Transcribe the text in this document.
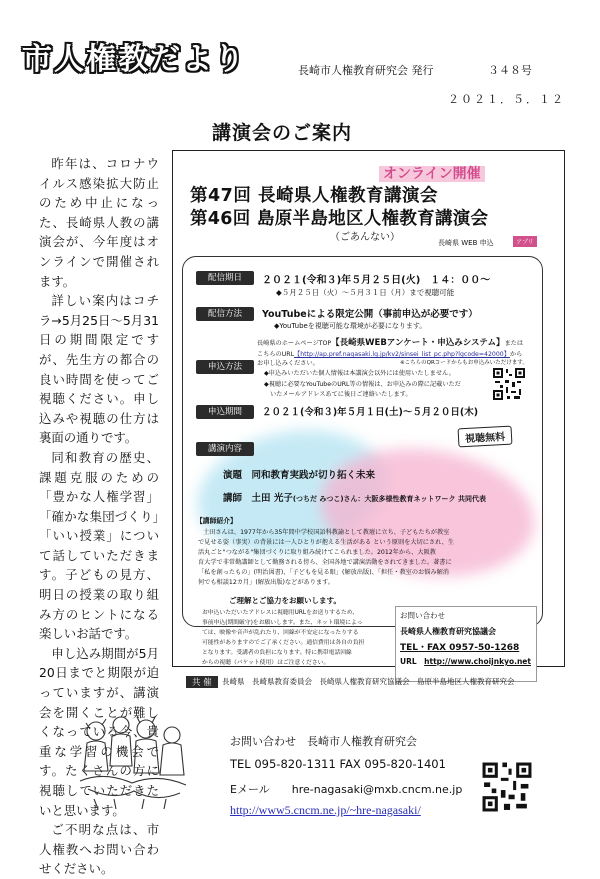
市人権教だより	長崎市人権教育研究会 発行	３４８号
２０２１．５．１２
講演会のご案内

昨年は、コロナウイルス感染拡大防止のため中止になった、長崎県人教の講演会が、今年度はオンラインで開催されます。

詳しい案内はコチラ→5月25日～5月31日の期間限定ですが、先生方の都合の良い時間を使ってご視聴ください。申し込みや視聴の仕方は裏面の通りです。

同和教育の歴史、課題克服のための「豊かな人権学習」「確かな集団づくり」「いい授業」について話していただきます。子どもの見方、明日の授業の取り組み方のヒントになる楽しいお話です。

申し込み期間が5月20日までと期限が迫っていますが、講演会を開くことが難しくなっている今、貴重な学習の機会です。たくさんの方に視聴していただきたいと思います。

ご不明な点は、市人権教へお問い合わせください。

オンライン開催
第47回 長崎県人権教育講演会
第46回 島原半島地区人権教育講演会
（ごあんない）	長崎県 WEB 申込	アプリ
配信期日	２０２１(令和３)年５月２５日(火)　１４：００～
◆５月２５日（火）～５月３１日（月）まで視聴可能
配信方法	YouTubeによる限定公開（事前申込が必要です）
◆YouTubeを視聴可能な環境が必要になります。
申込方法
長崎県のホームページTOP【長崎県WEBアンケート・申込みシステム】または
こちらのURL【http://ap.pref.nagasaki.lg.jp/kv2/sinsei_list_pc.php?lgcode=42000】から
お申し込みください。	※こちらのQRコードからもお申込みいただけます。
◆申込みいただいた個人情報は本講演会以外には使用いたしません。
◆視聴に必要なYouTubeのURL等の情報は、お申込みの際に記載いただ
いたメールアドレスあてに後日ご連絡いたします。
申込期間	２０２１(令和３)年５月１日(土)～５月２０日(木)
視聴無料
講演内容
演題　 同和教育実践が切り拓く未来
講師　 土田 光子(つちだ みつこ)さん：大阪多様性教育ネットワーク 共同代表
【講師紹介】
土田さんは、1977年から35年間中学校国語科教諭として教壇に立ち、子どもたちが教室
で見せる姿（事実）の背景には一人ひとりが抱える生活がある という原則を大切にされ、生
活丸ごと"つながる"集団づくりに取り組み続けてこられました。2012年から、大阪教
育大学で非常勤講師として勤務される傍ら、全国各地で講演活動をされてきました。著書に
「私を創ったもの」(明治図書)、「子どもを見る眼」(解放出版)、「担任・教室のお悩み解消
何でも相談12カ月」(解放出版)などがあります。
ご理解とご協力をお願いします。
お申込いただいたアドレスに視聴用URLをお送りするため、
事前申込(期間厳守)をお願いします。また、ネット環境によっ
ては、映像や音声が乱れたり、回線が不安定になったりする
可能性がありますのでご了承ください。通信費用は各自の負担
となります。受講者の負担になります。特に携帯電話回線
からの視聴（パケット使用）はご注意ください。
お問い合わせ
長崎県人権教育研究協議会
TEL・FAX 0957-50-1268
URL　 http://www.choijnkyo.net
共 催	長崎県　長崎県教育委員会　長崎県人権教育研究協議会　島原半島地区人権教育研究会
お問い合わせ　長崎市人権教育研究会
TEL 095-820-1311 FAX 095-820-1401
Eメール　　 hre-nagasaki@mxb.cncm.ne.jp
http://www5.cncm.ne.jp/~hre-nagasaki/
